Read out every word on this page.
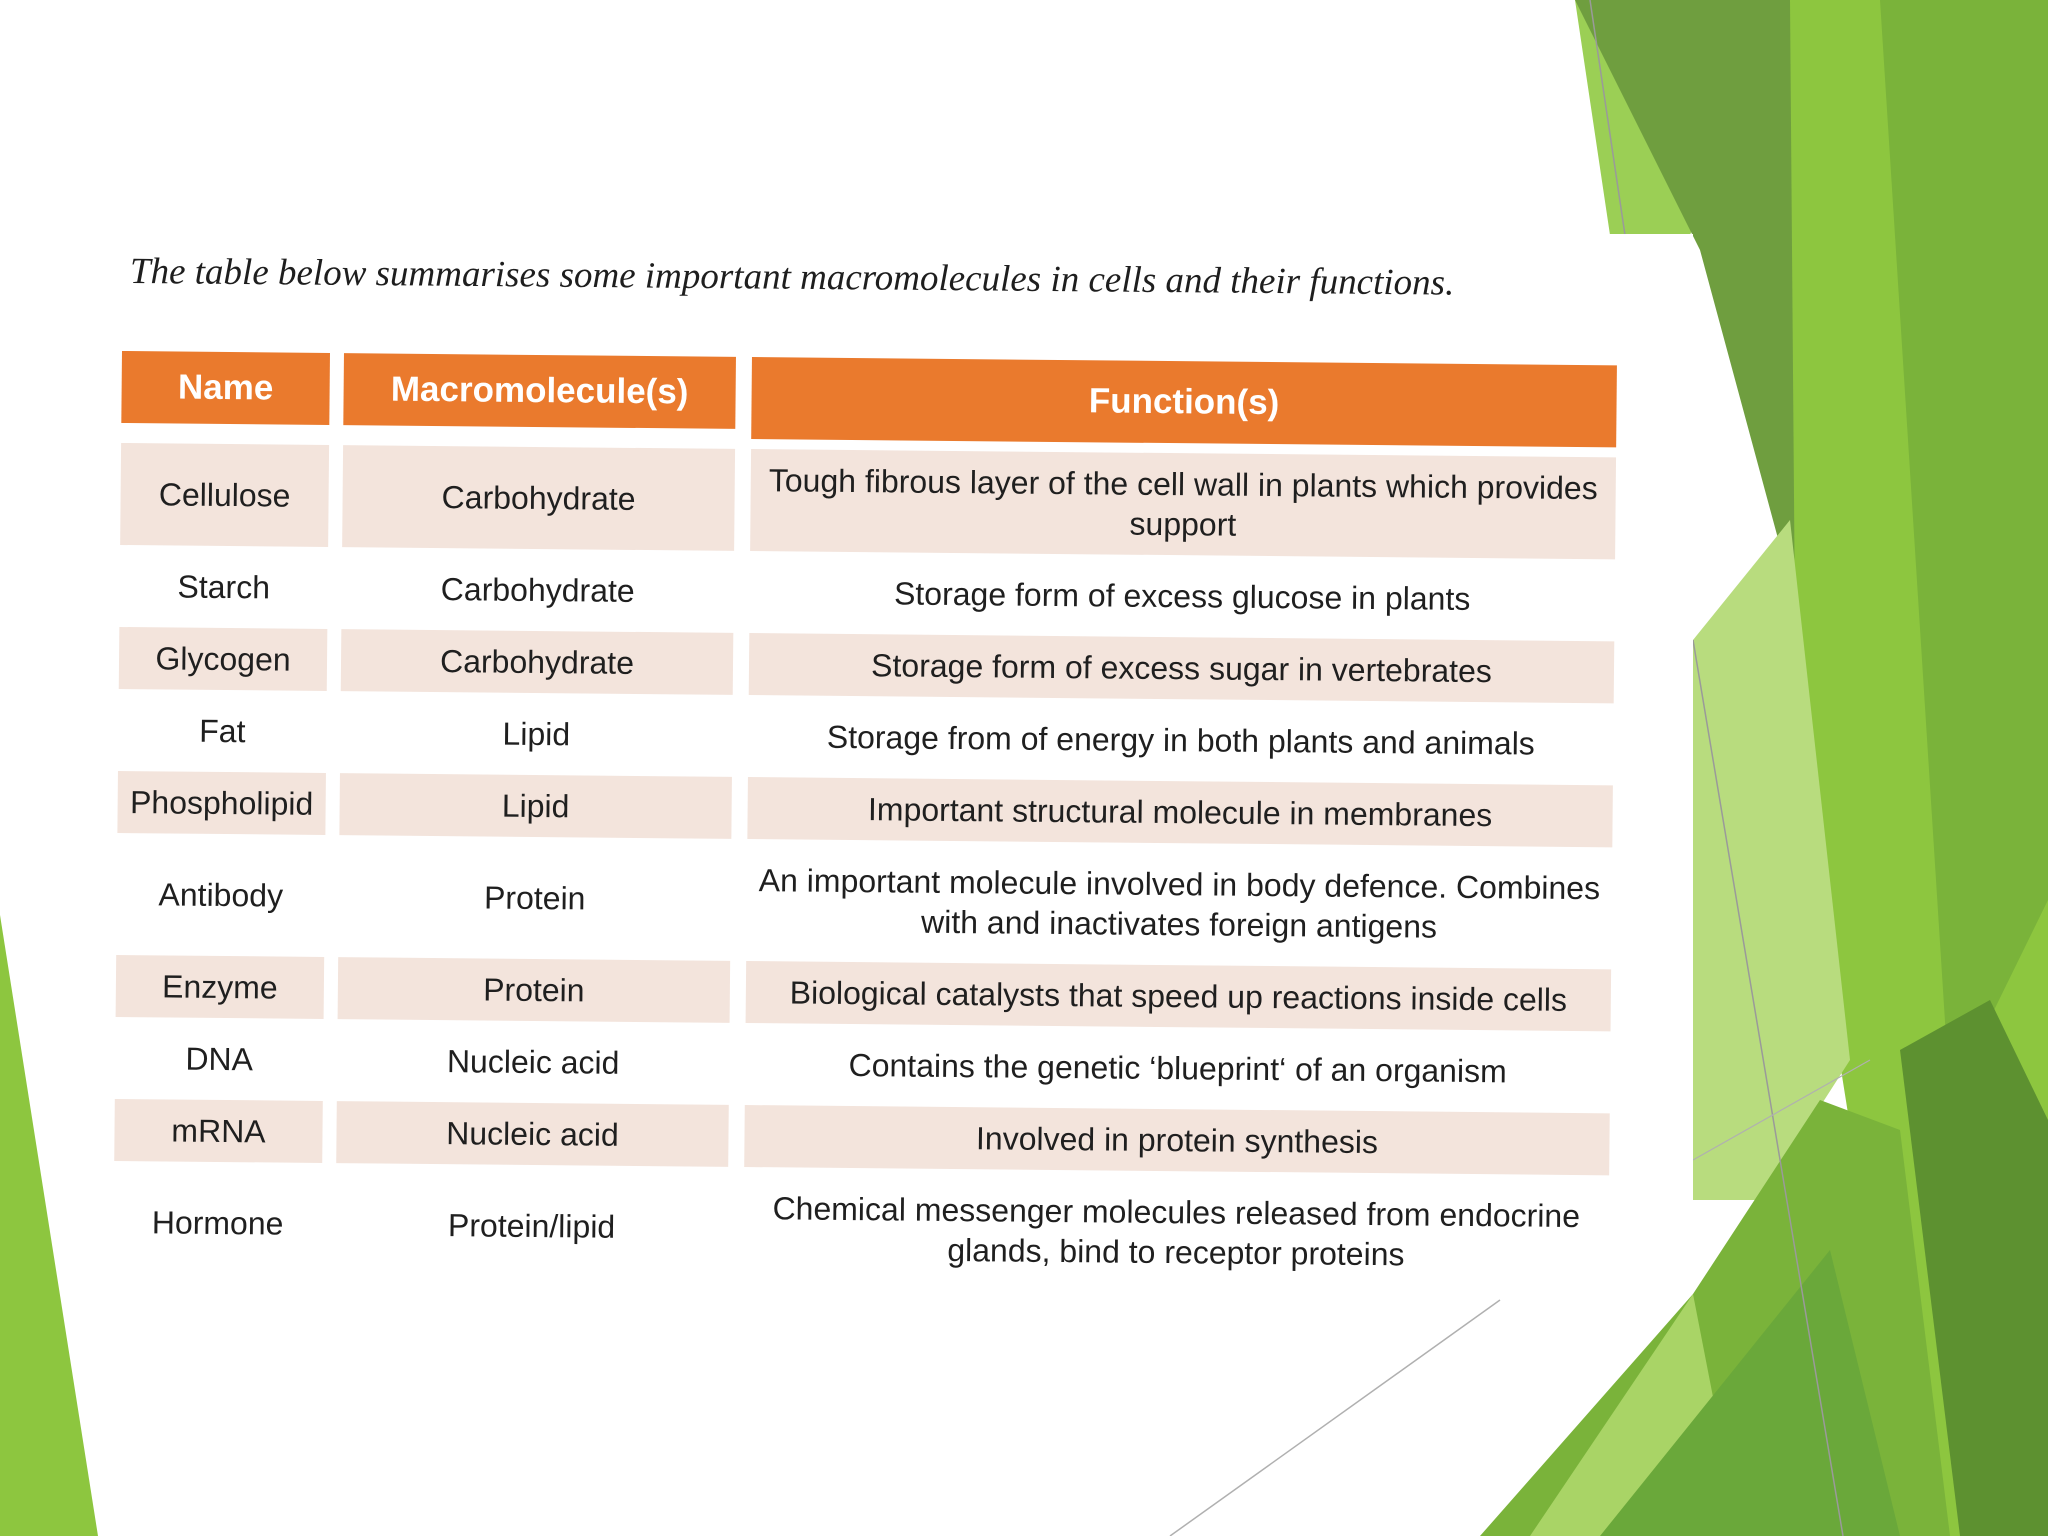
The table below summarises some important macromolecules in cells and their functions.

Name	Macromolecule(s)	Function(s)
Cellulose	Carbohydrate	Tough fibrous layer of the cell wall in plants which provides support
Starch	Carbohydrate	Storage form of excess glucose in plants
Glycogen	Carbohydrate	Storage form of excess sugar in vertebrates
Fat	Lipid	Storage from of energy in both plants and animals
Phospholipid	Lipid	Important structural molecule in membranes
Antibody	Protein	An important molecule involved in body defence. Combines with and inactivates foreign antigens
Enzyme	Protein	Biological catalysts that speed up reactions inside cells
DNA	Nucleic acid	Contains the genetic ‘blueprint‘ of an organism
mRNA	Nucleic acid	Involved in protein synthesis
Hormone	Protein/lipid	Chemical messenger molecules released from endocrine glands, bind to receptor proteins
